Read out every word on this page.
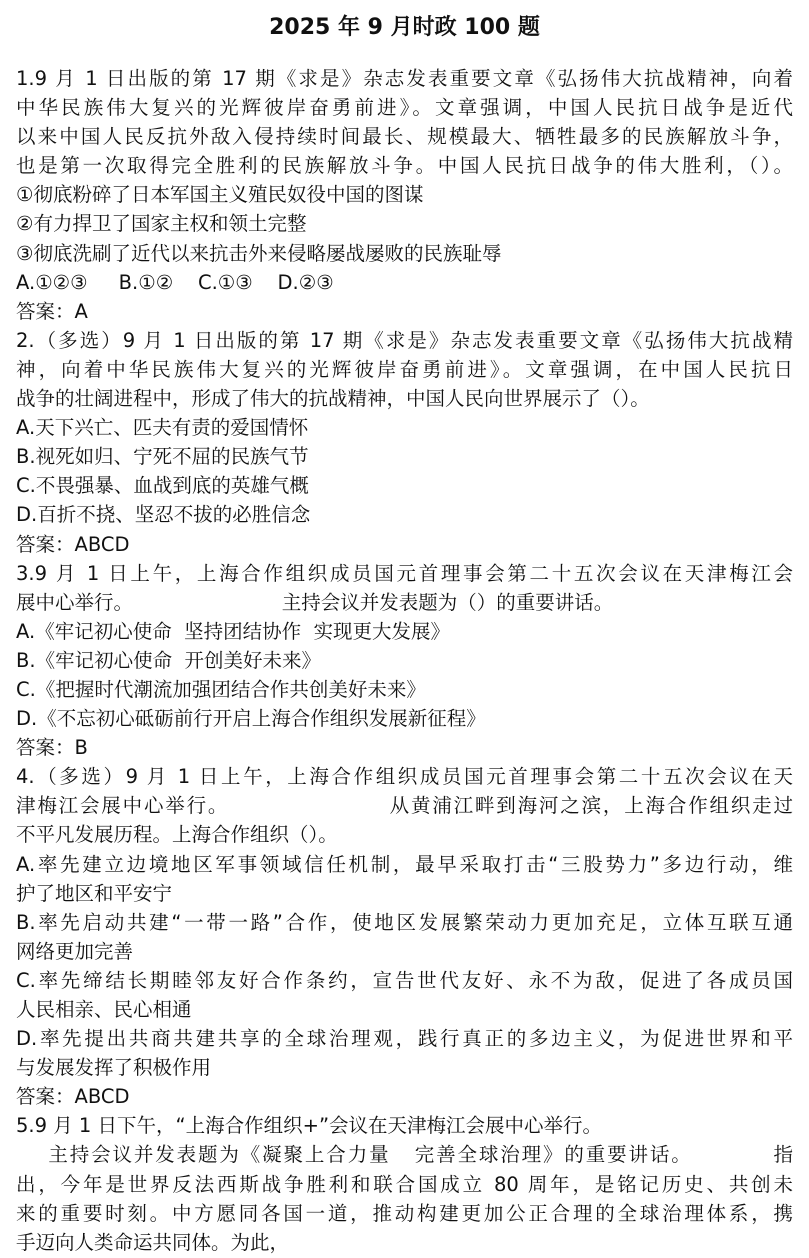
2025 年 9 月时政 100 题
1.9 月 1 日出版的第 17 期《求是》杂志发表重要文章《弘扬伟大抗战精神，向着
中华民族伟大复兴的光辉彼岸奋勇前进》。文章强调，中国人民抗日战争是近代
以来中国人民反抗外敌入侵持续时间最长、规模最大、牺牲最多的民族解放斗争，
也是第一次取得完全胜利的民族解放斗争。中国人民抗日战争的伟大胜利，（）。
①彻底粉碎了日本军国主义殖民奴役中国的图谋
②有力捍卫了国家主权和领土完整
③彻底洗刷了近代以来抗击外来侵略屡战屡败的民族耻辱
A.①②③     B.①②    C.①③    D.②③
答案：A
2.（多选）9 月 1 日出版的第 17 期《求是》杂志发表重要文章《弘扬伟大抗战精
神，向着中华民族伟大复兴的光辉彼岸奋勇前进》。文章强调，在中国人民抗日
战争的壮阔进程中，形成了伟大的抗战精神，中国人民向世界展示了（）。
A.天下兴亡、匹夫有责的爱国情怀
B.视死如归、宁死不屈的民族气节
C.不畏强暴、血战到底的英雄气概
D.百折不挠、坚忍不拔的必胜信念
答案：ABCD
3.9 月 1 日上午，上海合作组织成员国元首理事会第二十五次会议在天津梅江会
展中心举行。                        主持会议并发表题为（）的重要讲话。
A.《牢记初心使命  坚持团结协作  实现更大发展》
B.《牢记初心使命  开创美好未来》
C.《把握时代潮流加强团结合作共创美好未来》
D.《不忘初心砥砺前行开启上海合作组织发展新征程》
答案：B
4.（多选）9 月 1 日上午，上海合作组织成员国元首理事会第二十五次会议在天
津梅江会展中心举行。                    从黄浦江畔到海河之滨，上海合作组织走过
不平凡发展历程。上海合作组织（）。
A.率先建立边境地区军事领域信任机制，最早采取打击“三股势力”多边行动，维
护了地区和平安宁
B.率先启动共建“一带一路”合作，使地区发展繁荣动力更加充足，立体互联互通
网络更加完善
C.率先缔结长期睦邻友好合作条约，宣告世代友好、永不为敌，促进了各成员国
人民相亲、民心相通
D.率先提出共商共建共享的全球治理观，践行真正的多边主义，为促进世界和平
与发展发挥了积极作用
答案：ABCD
5.9 月 1 日下午，“上海合作组织+”会议在天津梅江会展中心举行。
主持会议并发表题为《凝聚上合力量   完善全球治理》的重要讲话。          指
出，今年是世界反法西斯战争胜利和联合国成立 80 周年，是铭记历史、共创未
来的重要时刻。中方愿同各国一道，推动构建更加公正合理的全球治理体系，携
手迈向人类命运共同体。为此，
